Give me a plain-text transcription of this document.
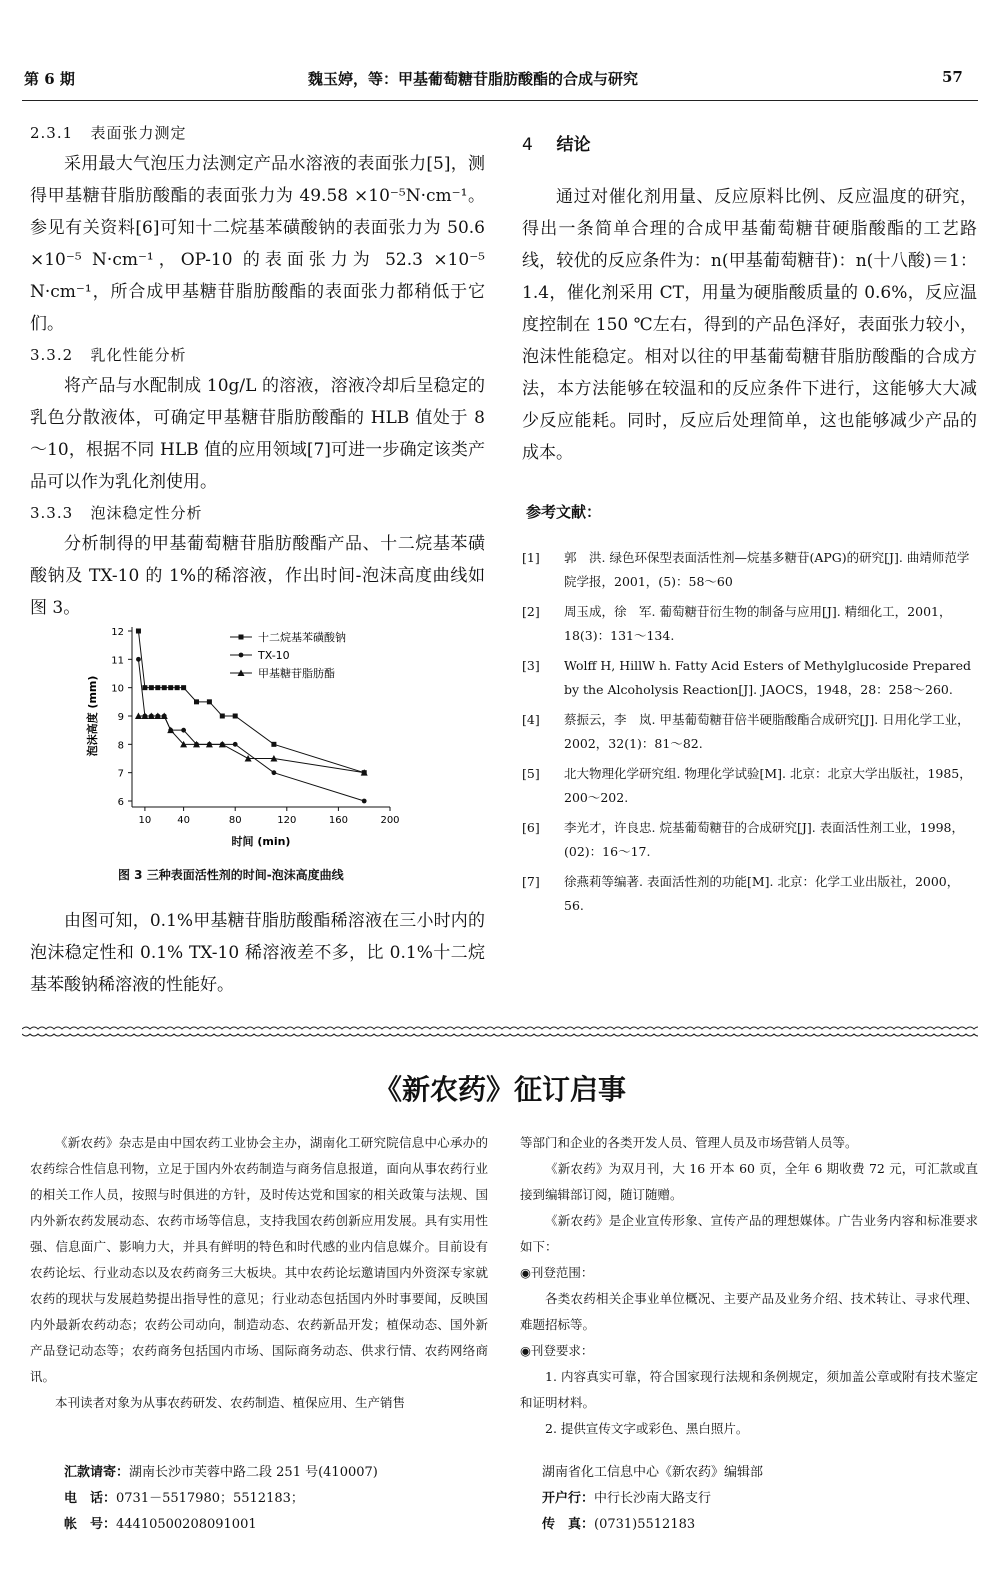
第 6 期	魏玉婷，等：甲基葡萄糖苷脂肪酸酯的合成与研究	57

2.3.1 表面张力测定

采用最大气泡压力法测定产品水溶液的表面张力[5]，测得甲基糖苷脂肪酸酯的表面张力为 49.58 ×10⁻⁵N·cm⁻¹。参见有关资料[6]可知十二烷基苯磺酸钠的表面张力为 50.6 ×10⁻⁵ N·cm⁻¹，OP-10 的表面张力为 52.3 ×10⁻⁵ N·cm⁻¹，所合成甲基糖苷脂肪酸酯的表面张力都稍低于它们。

3.3.2 乳化性能分析

将产品与水配制成 10g/L 的溶液，溶液冷却后呈稳定的乳色分散液体，可确定甲基糖苷脂肪酸酯的 HLB 值处于 8～10，根据不同 HLB 值的应用领域[7]可进一步确定该类产品可以作为乳化剂使用。

3.3.3 泡沫稳定性分析

分析制得的甲基葡萄糖苷脂肪酸酯产品、十二烷基苯磺酸钠及 TX-10 的 1%的稀溶液，作出时间-泡沫高度曲线如图 3。

6
7
8
9
10
11
12
10	40	80	120	160	200
时间 (min)
泡沫高度 (mm)
十二烷基苯磺酸钠
TX-10
甲基糖苷脂肪酯
图 3 三种表面活性剂的时间-泡沫高度曲线

由图可知，0.1%甲基糖苷脂肪酸酯稀溶液在三小时内的泡沫稳定性和 0.1% TX-10 稀溶液差不多，比 0.1%十二烷基苯酸钠稀溶液的性能好。

4 结论

通过对催化剂用量、反应原料比例、反应温度的研究，得出一条简单合理的合成甲基葡萄糖苷硬脂酸酯的工艺路线，较优的反应条件为：n(甲基葡萄糖苷)：n(十八酸)＝1：1.4，催化剂采用 CT，用量为硬脂酸质量的 0.6%，反应温度控制在 150 ℃左右，得到的产品色泽好，表面张力较小，泡沫性能稳定。相对以往的甲基葡萄糖苷脂肪酸酯的合成方法，本方法能够在较温和的反应条件下进行，这能够大大减少反应能耗。同时，反应后处理简单，这也能够减少产品的成本。

参考文献：

[1] 郭　洪. 绿色环保型表面活性剂—烷基多糖苷(APG)的研究[J]. 曲靖师范学院学报，2001，(5)：58～60

[2] 周玉成，徐　军. 葡萄糖苷衍生物的制备与应用[J]. 精细化工，2001，18(3)：131～134.

[3] Wolff H, HillW h. Fatty Acid Esters of Methylglucoside Prepared by the Alcoholysis Reaction[J]. JAOCS，1948，28：258～260.

[4] 蔡振云，李　岚. 甲基葡萄糖苷倍半硬脂酸酯合成研究[J]. 日用化学工业，2002，32(1)：81～82.

[5] 北大物理化学研究组. 物理化学试验[M]. 北京：北京大学出版社，1985，200～202.

[6] 李光才，许良忠. 烷基葡萄糖苷的合成研究[J]. 表面活性剂工业，1998，(02)：16～17.

[7] 徐燕莉等编著. 表面活性剂的功能[M]. 北京：化学工业出版社，2000，56.

《新农药》征订启事

《新农药》杂志是由中国农药工业协会主办，湖南化工研究院信息中心承办的农药综合性信息刊物，立足于国内外农药制造与商务信息报道，面向从事农药行业的相关工作人员，按照与时俱进的方针，及时传达党和国家的相关政策与法规、国内外新农药发展动态、农药市场等信息，支持我国农药创新应用发展。具有实用性强、信息面广、影响力大，并具有鲜明的特色和时代感的业内信息媒介。目前设有农药论坛、行业动态以及农药商务三大板块。其中农药论坛邀请国内外资深专家就农药的现状与发展趋势提出指导性的意见；行业动态包括国内外时事要闻，反映国内外最新农药动态；农药公司动向，制造动态、农药新品开发；植保动态、国外新产品登记动态等；农药商务包括国内市场、国际商务动态、供求行情、农药网络商讯。

本刊读者对象为从事农药研发、农药制造、植保应用、生产销售

等部门和企业的各类开发人员、管理人员及市场营销人员等。

《新农药》为双月刊，大 16 开本 60 页，全年 6 期收费 72 元，可汇款或直接到编辑部订阅，随订随赠。

《新农药》是企业宣传形象、宣传产品的理想媒体。广告业务内容和标准要求如下：

◉刊登范围：

各类农药相关企事业单位概况、主要产品及业务介绍、技术转让、寻求代理、难题招标等。

◉刊登要求：

1. 内容真实可靠，符合国家现行法规和条例规定，须加盖公章或附有技术鉴定和证明材料。

2. 提供宣传文字或彩色、黑白照片。

汇款请寄：湖南长沙市芙蓉中路二段 251 号(410007)

电　话：0731－5517980；5512183；

帐　号：44410500208091001

湖南省化工信息中心《新农药》编辑部

开户行：中行长沙南大路支行

传　真：(0731)5512183
